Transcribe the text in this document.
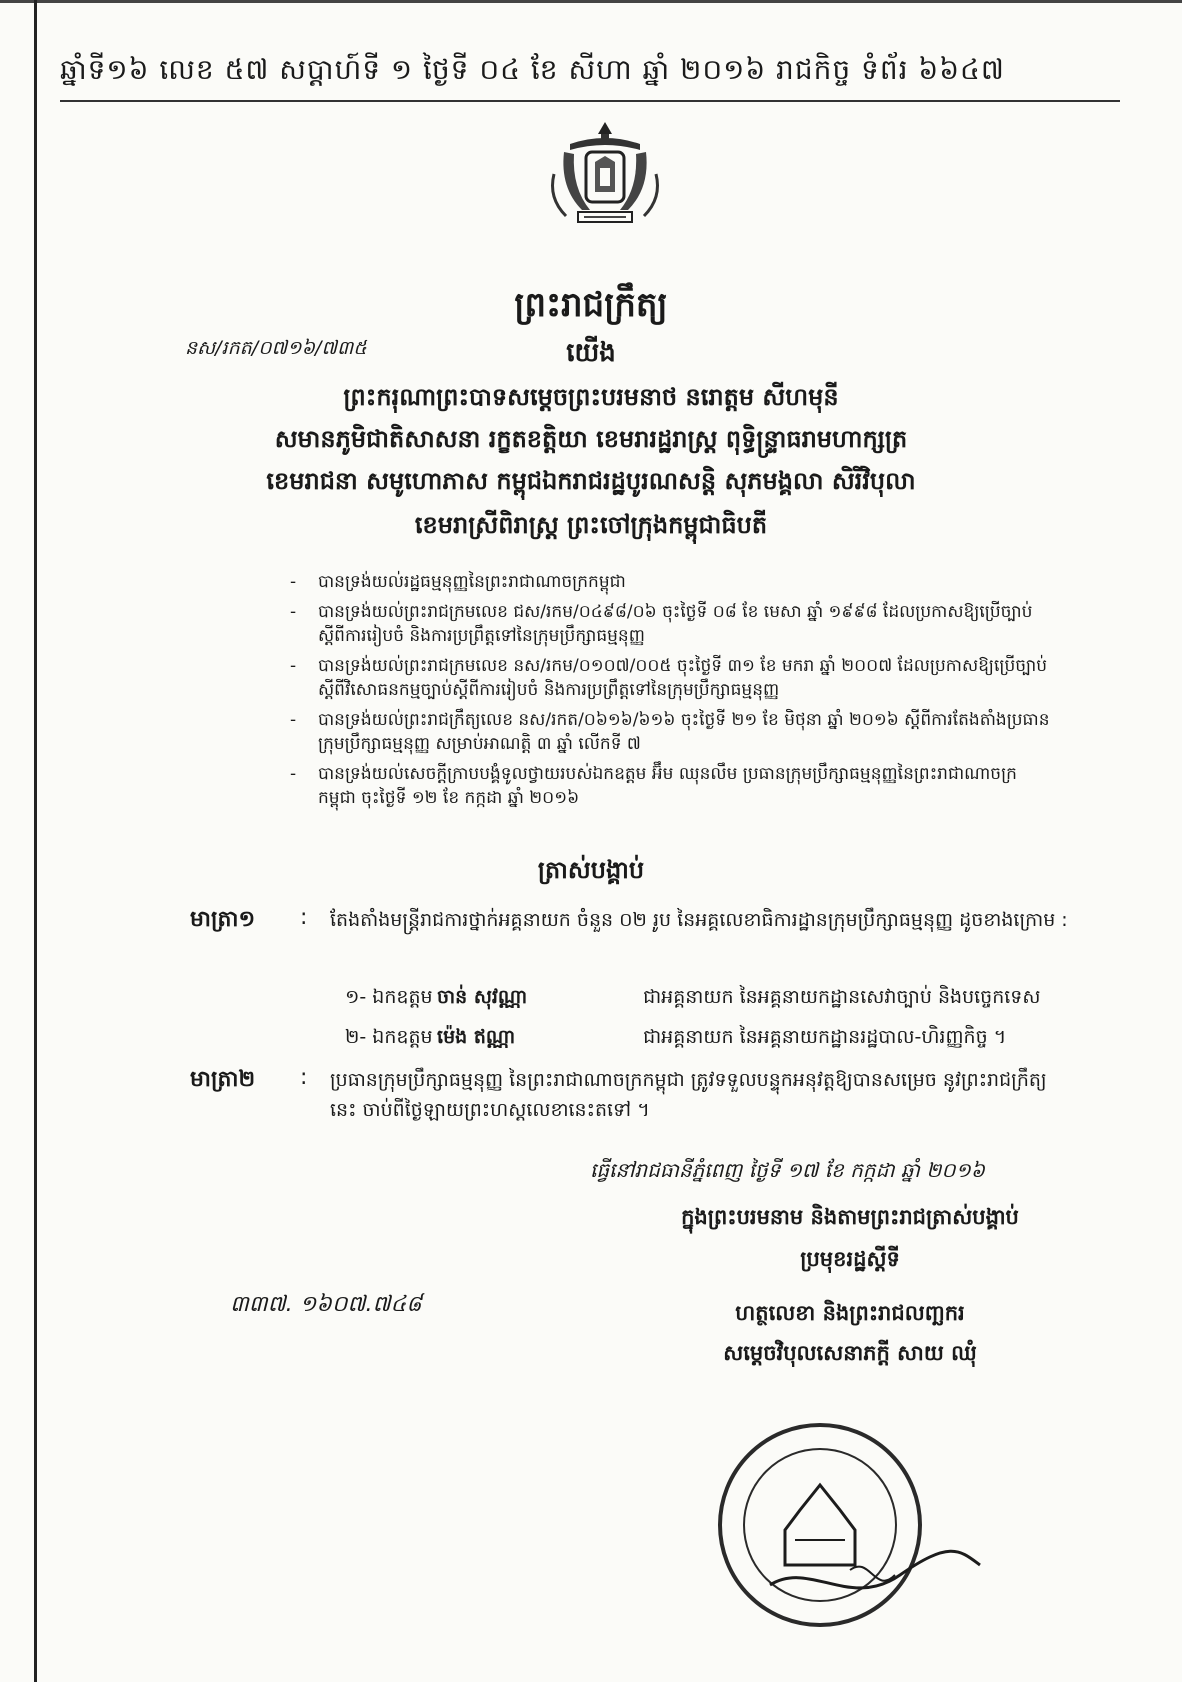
ឆ្នាំទី១៦ លេខ ៥៧ សប្តាហ៍ទី ១ ថ្ងៃទី ០៤ ខែ សីហា ឆ្នាំ ២០១៦ រាជកិច្ច ទំព័រ ៦៦៤៧
ព្រះរាជក្រឹត្យ
នស/រកត/០៧១៦/៧៣៥	យើង
ព្រះករុណាព្រះបាទសម្តេចព្រះបរមនាថ នរោត្តម សីហមុនី
សមានភូមិជាតិសាសនា រក្ខតខត្តិយា ខេមរារដ្ឋរាស្ត្រ ពុទ្ធិន្ទ្រាធរាមហាក្សត្រ
ខេមរាជនា សមូហោភាស កម្ពុជឯករាជរដ្ឋបូរណសន្តិ សុភមង្គលា សិរីវិបុលា
ខេមរាស្រីពិរាស្ត្រ ព្រះចៅក្រុងកម្ពុជាធិបតី
- បានទ្រង់យល់រដ្ឋធម្មនុញ្ញនៃព្រះរាជាណាចក្រកម្ពុជា
- បានទ្រង់យល់ព្រះរាជក្រមលេខ ជស/រកម/០៤៩៨/០៦ ចុះថ្ងៃទី ០៨ ខែ មេសា ឆ្នាំ ១៩៩៨ ដែលប្រកាសឱ្យប្រើច្បាប់ស្តីពីការរៀបចំ និងការប្រព្រឹត្តទៅនៃក្រុមប្រឹក្សាធម្មនុញ្ញ
- បានទ្រង់យល់ព្រះរាជក្រមលេខ នស/រកម/០១០៧/០០៥ ចុះថ្ងៃទី ៣១ ខែ មករា ឆ្នាំ ២០០៧ ដែលប្រកាសឱ្យប្រើច្បាប់ស្តីពីវិសោធនកម្មច្បាប់ស្តីពីការរៀបចំ និងការប្រព្រឹត្តទៅនៃក្រុមប្រឹក្សាធម្មនុញ្ញ
- បានទ្រង់យល់ព្រះរាជក្រឹត្យលេខ នស/រកត/០៦១៦/៦១៦ ចុះថ្ងៃទី ២១ ខែ មិថុនា ឆ្នាំ ២០១៦ ស្តីពីការតែងតាំងប្រធានក្រុមប្រឹក្សាធម្មនុញ្ញ សម្រាប់អាណត្តិ ៣ ឆ្នាំ លើកទី ៧
- បានទ្រង់យល់សេចក្តីក្រាបបង្គំទូលថ្វាយរបស់ឯកឧត្តម អ៊ឹម ឈុនលឹម ប្រធានក្រុមប្រឹក្សាធម្មនុញ្ញនៃព្រះរាជាណាចក្រកម្ពុជា ចុះថ្ងៃទី ១២ ខែ កក្កដា ឆ្នាំ ២០១៦
ត្រាស់បង្គាប់
មាត្រា១	: តែងតាំងមន្ត្រីរាជការថ្នាក់អគ្គនាយក ចំនួន ០២ រូប នៃអគ្គលេខាធិការដ្ឋានក្រុមប្រឹក្សាធម្មនុញ្ញ ដូចខាងក្រោម :
១- ឯកឧត្តម ចាន់ សុវណ្ណា	ជាអគ្គនាយក នៃអគ្គនាយកដ្ឋានសេវាច្បាប់ និងបច្ចេកទេស
២- ឯកឧត្តម ម៉េង ឥណ្ណា	ជាអគ្គនាយក នៃអគ្គនាយកដ្ឋានរដ្ឋបាល-ហិរញ្ញកិច្ច ។
មាត្រា២	: ប្រធានក្រុមប្រឹក្សាធម្មនុញ្ញ នៃព្រះរាជាណាចក្រកម្ពុជា ត្រូវទទួលបន្ទុកអនុវត្តឱ្យបានសម្រេច នូវព្រះរាជក្រឹត្យនេះ ចាប់ពីថ្ងៃឡាយព្រះហស្តលេខានេះតទៅ ។
ធ្វើនៅរាជធានីភ្នំពេញ ថ្ងៃទី ១៧ ខែ កក្កដា ឆ្នាំ ២០១៦
ក្នុងព្រះបរមនាម និងតាមព្រះរាជត្រាស់បង្គាប់
ប្រមុខរដ្ឋស្តីទី
ហត្ថលេខា និងព្រះរាជលញ្ឆករ
សម្តេចវិបុលសេនាភក្តី សាយ ឈុំ
៣៣៧. ១៦០៧.៧៤៨
